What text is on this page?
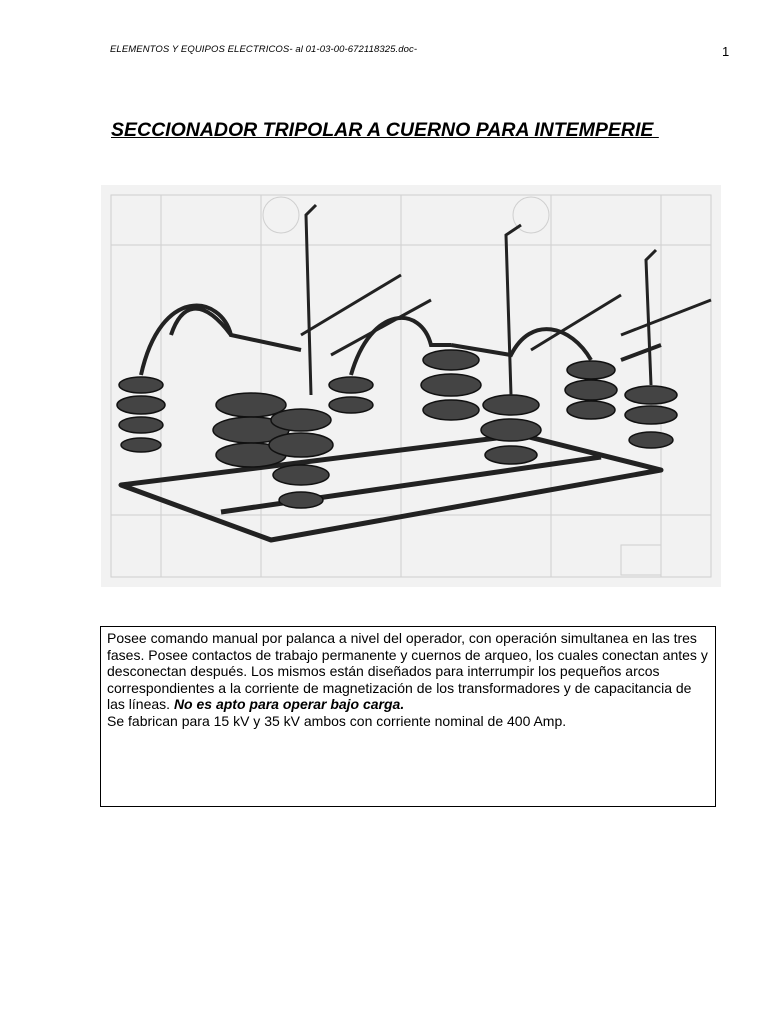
ELEMENTOS Y EQUIPOS ELECTRICOS- al 01-03-00-672118325.doc-	1
SECCIONADOR TRIPOLAR A CUERNO PARA INTEMPERIE

Posee comando manual por palanca a nivel del operador, con operación simultanea en las tres fases. Posee contactos de trabajo permanente y cuernos de arqueo, los cuales conectan antes y desconectan después. Los mismos están diseñados para interrumpir los pequeños arcos correspondientes a la corriente de magnetización de los transformadores y de capacitancia de las líneas. No es apto para operar bajo carga.

Se fabrican para 15 kV y 35 kV ambos con corriente nominal de 400 Amp.
